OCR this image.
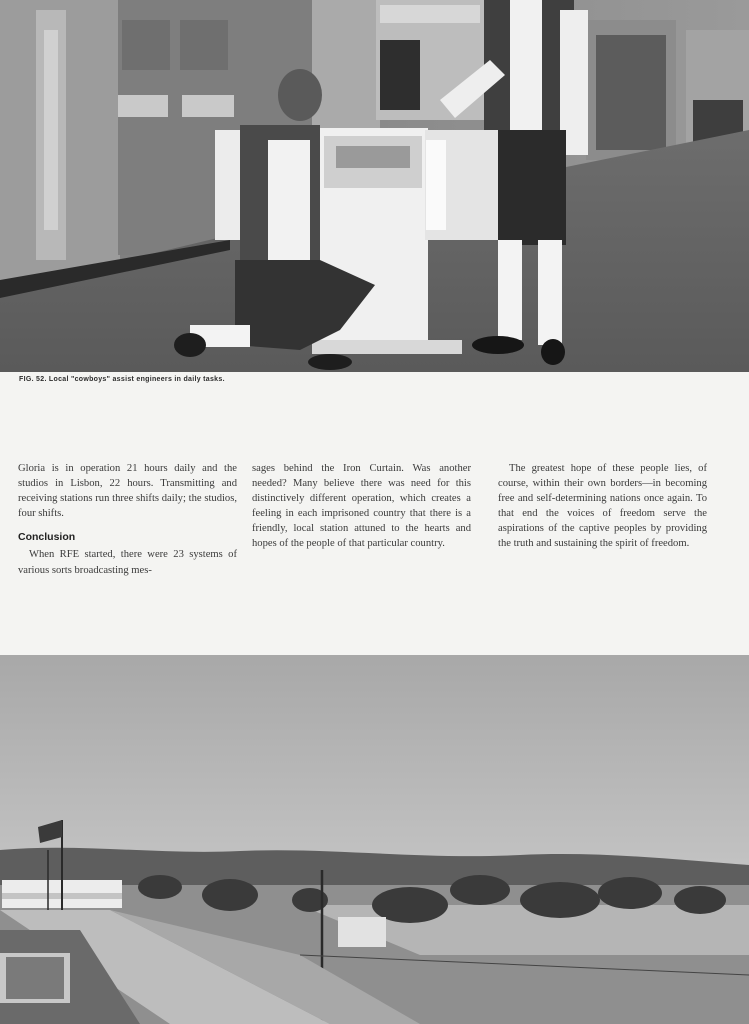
FIG. 52. Local "cowboys" assist engineers in daily tasks.

Gloria is in operation 21 hours daily and the studios in Lisbon, 22 hours. Transmitting and receiving stations run three shifts daily; the studios, four shifts.

Conclusion

When RFE started, there were 23 systems of various sorts broadcasting mes-

sages behind the Iron Curtain. Was another needed? Many believe there was need for this distinctively different operation, which creates a feeling in each imprisoned country that there is a friendly, local station attuned to the hearts and hopes of the people of that particular country.

The greatest hope of these people lies, of course, within their own borders—in becoming free and self-determining nations once again. To that end the voices of freedom serve the aspirations of the captive peoples by providing the truth and sustaining the spirit of freedom.
